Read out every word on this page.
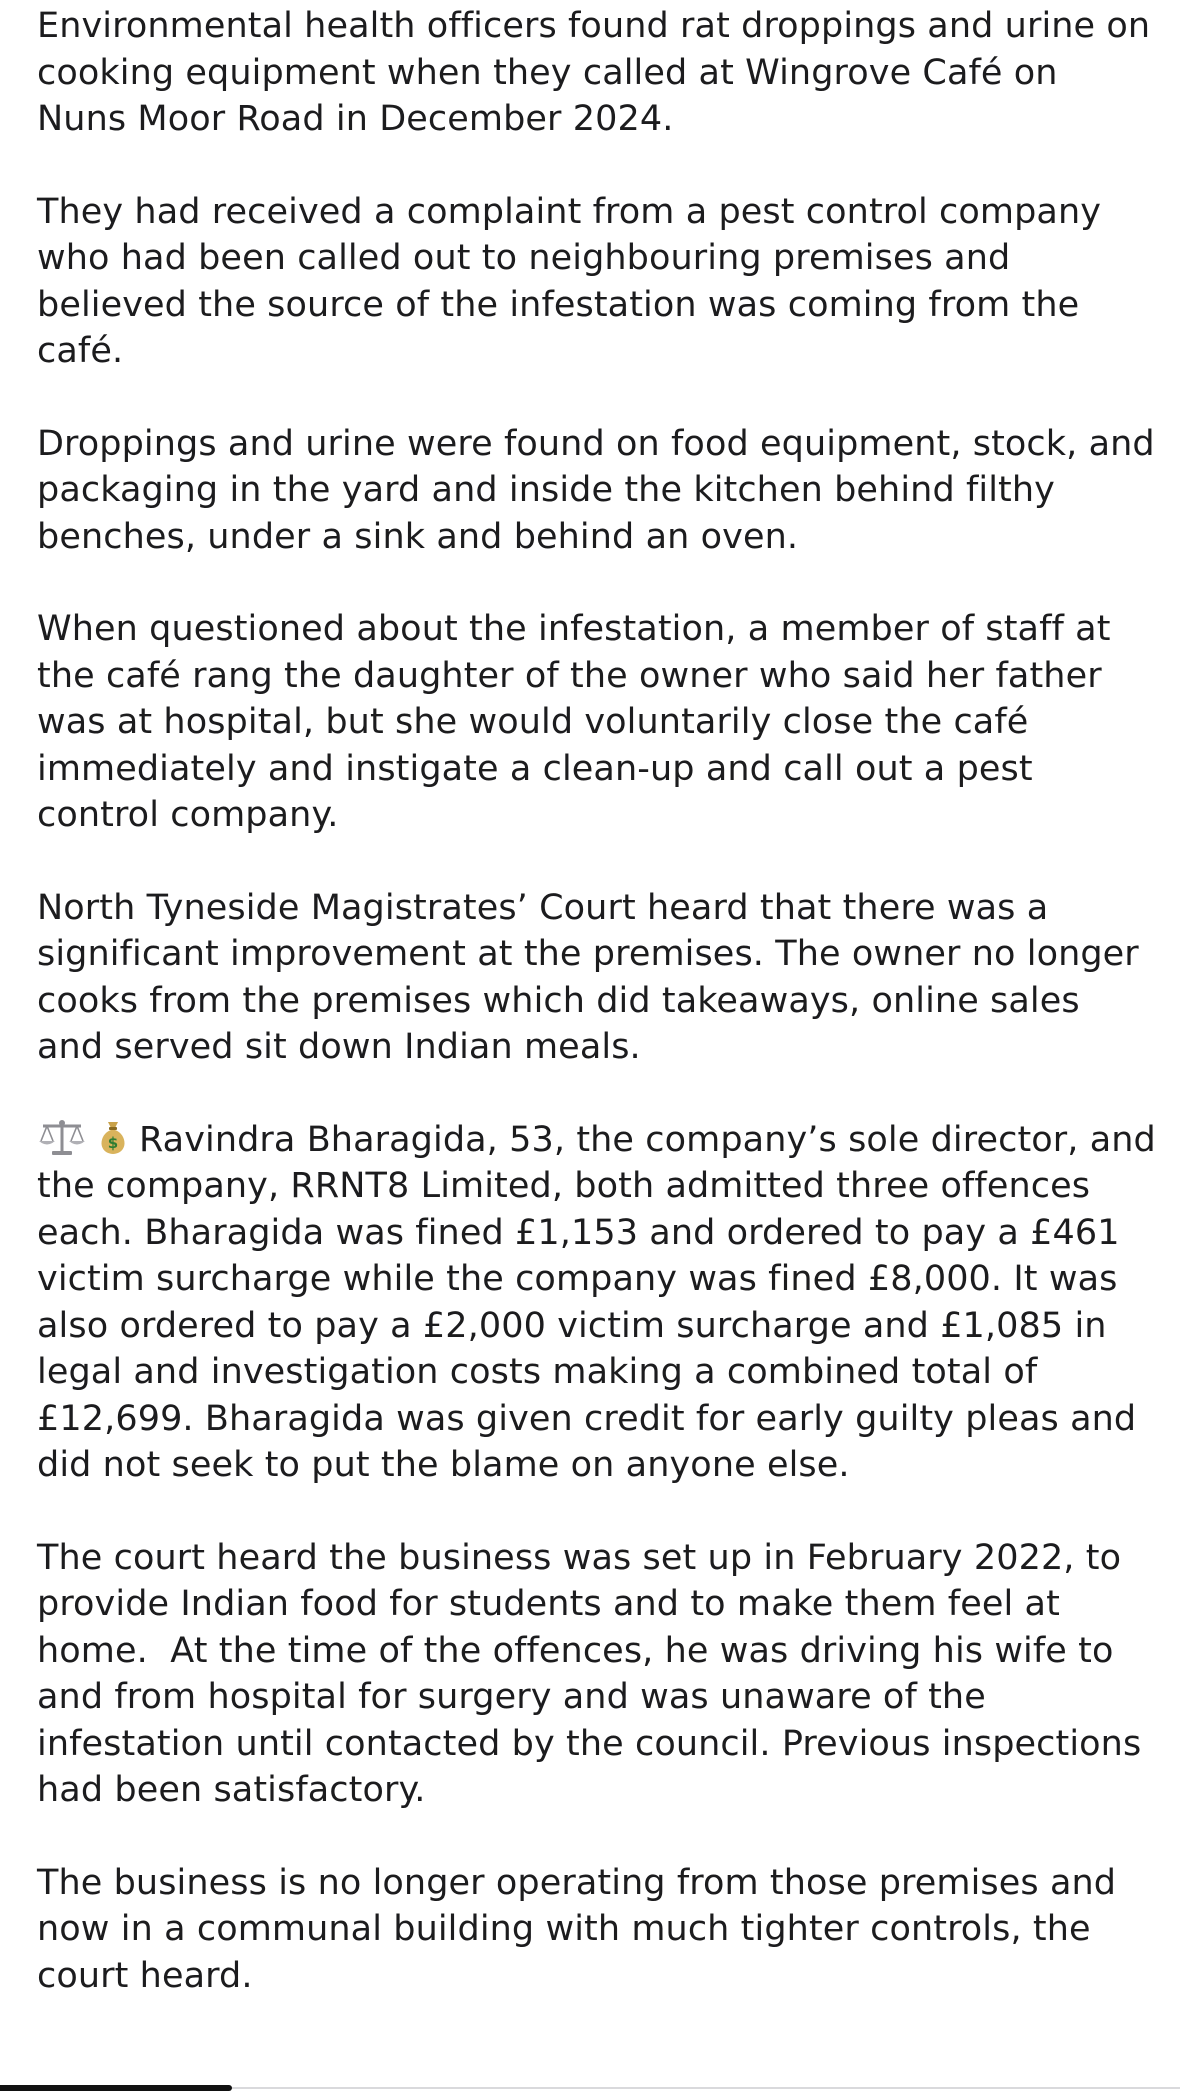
Environmental health officers found rat droppings and urine on cooking equipment when they called at Wingrove Café on Nuns Moor Road in December 2024.

They had received a complaint from a pest control company who had been called out to neighbouring premises and believed the source of the infestation was coming from the café.

Droppings and urine were found on food equipment, stock, and packaging in the yard and inside the kitchen behind filthy benches, under a sink and behind an oven.

When questioned about the infestation, a member of staff at the café rang the daughter of the owner who said her father was at hospital, but she would voluntarily close the café immediately and instigate a clean-up and call out a pest control company.

North Tyneside Magistrates’ Court heard that there was a significant improvement at the premises. The owner no longer cooks from the premises which did takeaways, online sales and served sit down Indian meals.

$ Ravindra Bharagida, 53, the company’s sole director, and the company, RRNT8 Limited, both admitted three offences each. Bharagida was fined £1,153 and ordered to pay a £461 victim surcharge while the company was fined £8,000. It was also ordered to pay a £2,000 victim surcharge and £1,085 in legal and investigation costs making a combined total of £12,699. Bharagida was given credit for early guilty pleas and did not seek to put the blame on anyone else.

The court heard the business was set up in February 2022, to provide Indian food for students and to make them feel at home.  At the time of the offences, he was driving his wife to and from hospital for surgery and was unaware of the infestation until contacted by the council. Previous inspections had been satisfactory.

The business is no longer operating from those premises and now in a communal building with much tighter controls, the court heard.
